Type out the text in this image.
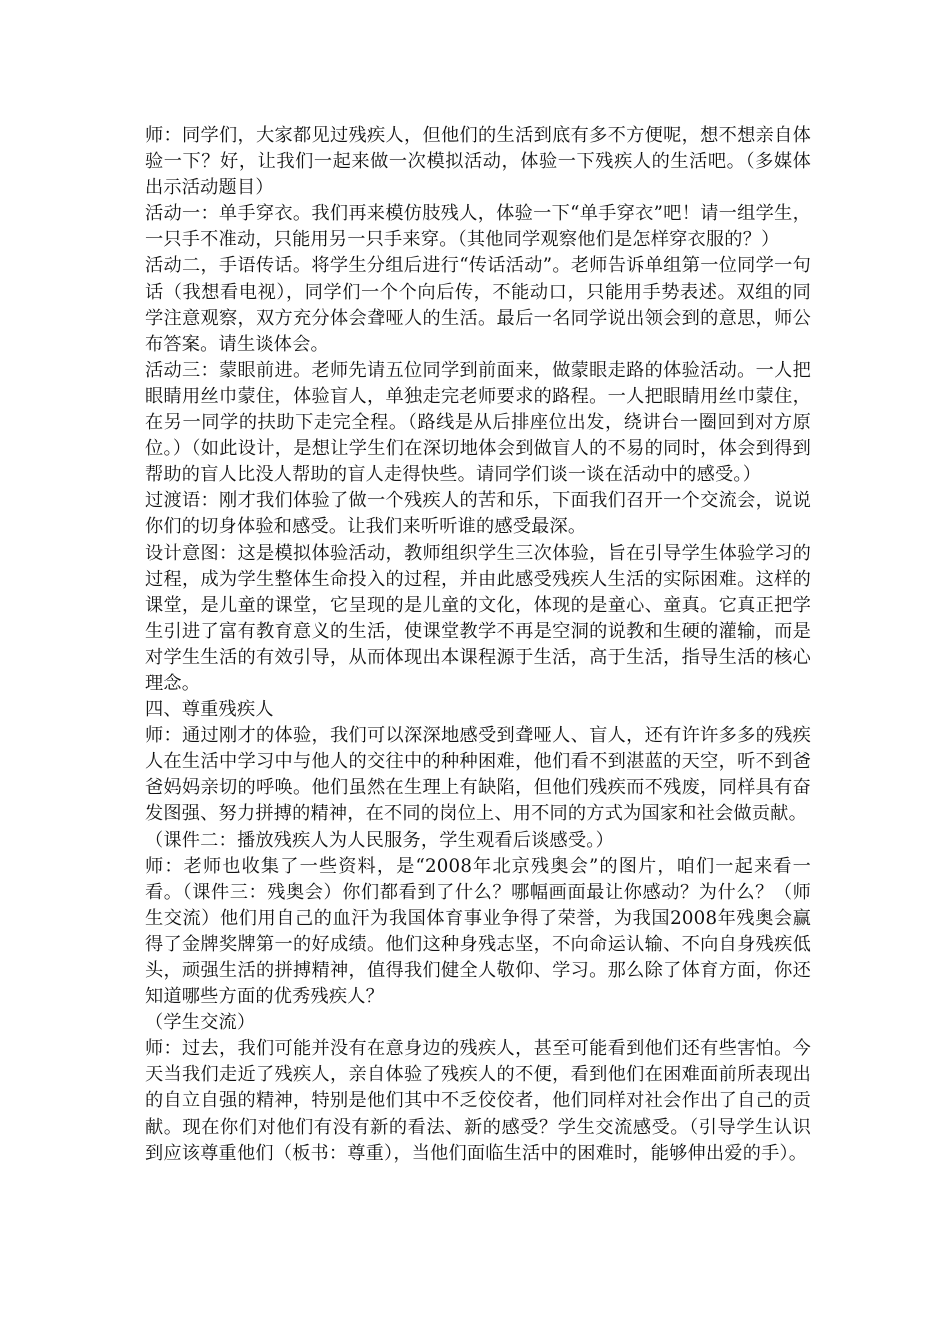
师：同学们，大家都见过残疾人，但他们的生活到底有多不方便呢，想不想亲自体验一下？好，让我们一起来做一次模拟活动，体验一下残疾人的生活吧。（多媒体出示活动题目）

活动一：单手穿衣。我们再来模仿肢残人，体验一下“单手穿衣”吧！请一组学生，一只手不准动，只能用另一只手来穿。（其他同学观察他们是怎样穿衣服的？）

活动二，手语传话。将学生分组后进行“传话活动”。老师告诉单组第一位同学一句话（我想看电视），同学们一个个向后传，不能动口，只能用手势表述。双组的同学注意观察，双方充分体会聋哑人的生活。最后一名同学说出领会到的意思，师公布答案。请生谈体会。

活动三：蒙眼前进。老师先请五位同学到前面来，做蒙眼走路的体验活动。一人把眼睛用丝巾蒙住，体验盲人，单独走完老师要求的路程。一人把眼睛用丝巾蒙住，在另一同学的扶助下走完全程。（路线是从后排座位出发，绕讲台一圈回到对方原位。）（如此设计，是想让学生们在深切地体会到做盲人的不易的同时，体会到得到帮助的盲人比没人帮助的盲人走得快些。请同学们谈一谈在活动中的感受。）

过渡语：刚才我们体验了做一个残疾人的苦和乐，下面我们召开一个交流会，说说你们的切身体验和感受。让我们来听听谁的感受最深。

设计意图：这是模拟体验活动，教师组织学生三次体验，旨在引导学生体验学习的过程，成为学生整体生命投入的过程，并由此感受残疾人生活的实际困难。这样的课堂，是儿童的课堂，它呈现的是儿童的文化，体现的是童心、童真。它真正把学生引进了富有教育意义的生活，使课堂教学不再是空洞的说教和生硬的灌输，而是对学生生活的有效引导，从而体现出本课程源于生活，高于生活，指导生活的核心理念。

四、尊重残疾人

师：通过刚才的体验，我们可以深深地感受到聋哑人、盲人，还有许许多多的残疾人在生活中学习中与他人的交往中的种种困难，他们看不到湛蓝的天空，听不到爸爸妈妈亲切的呼唤。他们虽然在生理上有缺陷，但他们残疾而不残废，同样具有奋发图强、努力拼搏的精神，在不同的岗位上、用不同的方式为国家和社会做贡献。

（课件二：播放残疾人为人民服务，学生观看后谈感受。）

师：老师也收集了一些资料，是“2008年北京残奥会”的图片，咱们一起来看一看。（课件三：残奥会）你们都看到了什么？哪幅画面最让你感动？为什么？（师生交流）他们用自己的血汗为我国体育事业争得了荣誉，为我国2008年残奥会赢得了金牌奖牌第一的好成绩。他们这种身残志坚，不向命运认输、不向自身残疾低头，顽强生活的拼搏精神，值得我们健全人敬仰、学习。那么除了体育方面，你还知道哪些方面的优秀残疾人？

（学生交流）

师：过去，我们可能并没有在意身边的残疾人，甚至可能看到他们还有些害怕。今天当我们走近了残疾人，亲自体验了残疾人的不便，看到他们在困难面前所表现出的自立自强的精神，特别是他们其中不乏佼佼者，他们同样对社会作出了自己的贡献。现在你们对他们有没有新的看法、新的感受？学生交流感受。（引导学生认识到应该尊重他们（板书：尊重），当他们面临生活中的困难时，能够伸出爱的手）。
